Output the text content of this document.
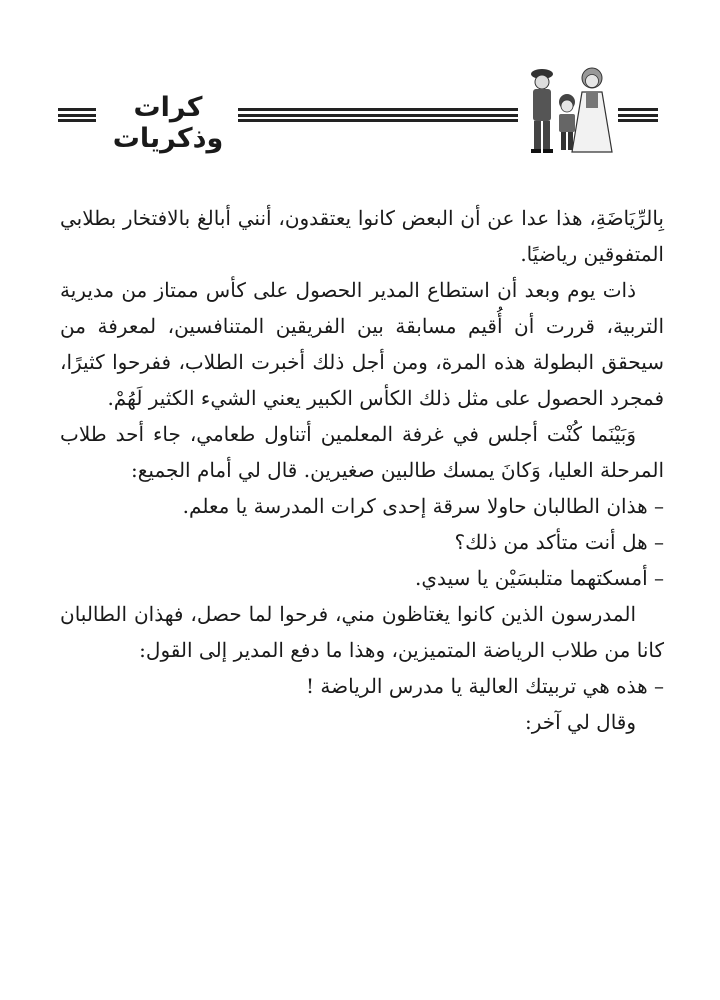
كرات وذكريات

بِالرِّيَاضَةِ، هذا عدا عن أن البعض كانوا يعتقدون، أنني أبالغ بالافتخار بطلابي المتفوقين رياضيًا.

ذات يوم وبعد أن استطاع المدير الحصول على كأس ممتاز من مديرية التربية، قررت أن أُقيم مسابقة بين الفريقين المتنافسين، لمعرفة من سيحقق البطولة هذه المرة، ومن أجل ذلك أخبرت الطلاب، ففرحوا كثيرًا، فمجرد الحصول على مثل ذلك الكأس الكبير يعني الشيء الكثير لَهُمْ.

وَبَيْنَما كُنْت أجلس في غرفة المعلمين أتناول طعامي، جاء أحد طلاب المرحلة العليا، وَكانَ يمسك طالبين صغيرين. قال لي أمام الجميع:

– هذان الطالبان حاولا سرقة إحدى كرات المدرسة يا معلم.

– هل أنت متأكد من ذلك؟

– أمسكتهما متلبسَيْن يا سيدي.

المدرسون الذين كانوا يغتاظون مني، فرحوا لما حصل، فهذان الطالبان كانا من طلاب الرياضة المتميزين، وهذا ما دفع المدير إلى القول:

– هذه هي تربيتك العالية يا مدرس الرياضة !

وقال لي آخر:
